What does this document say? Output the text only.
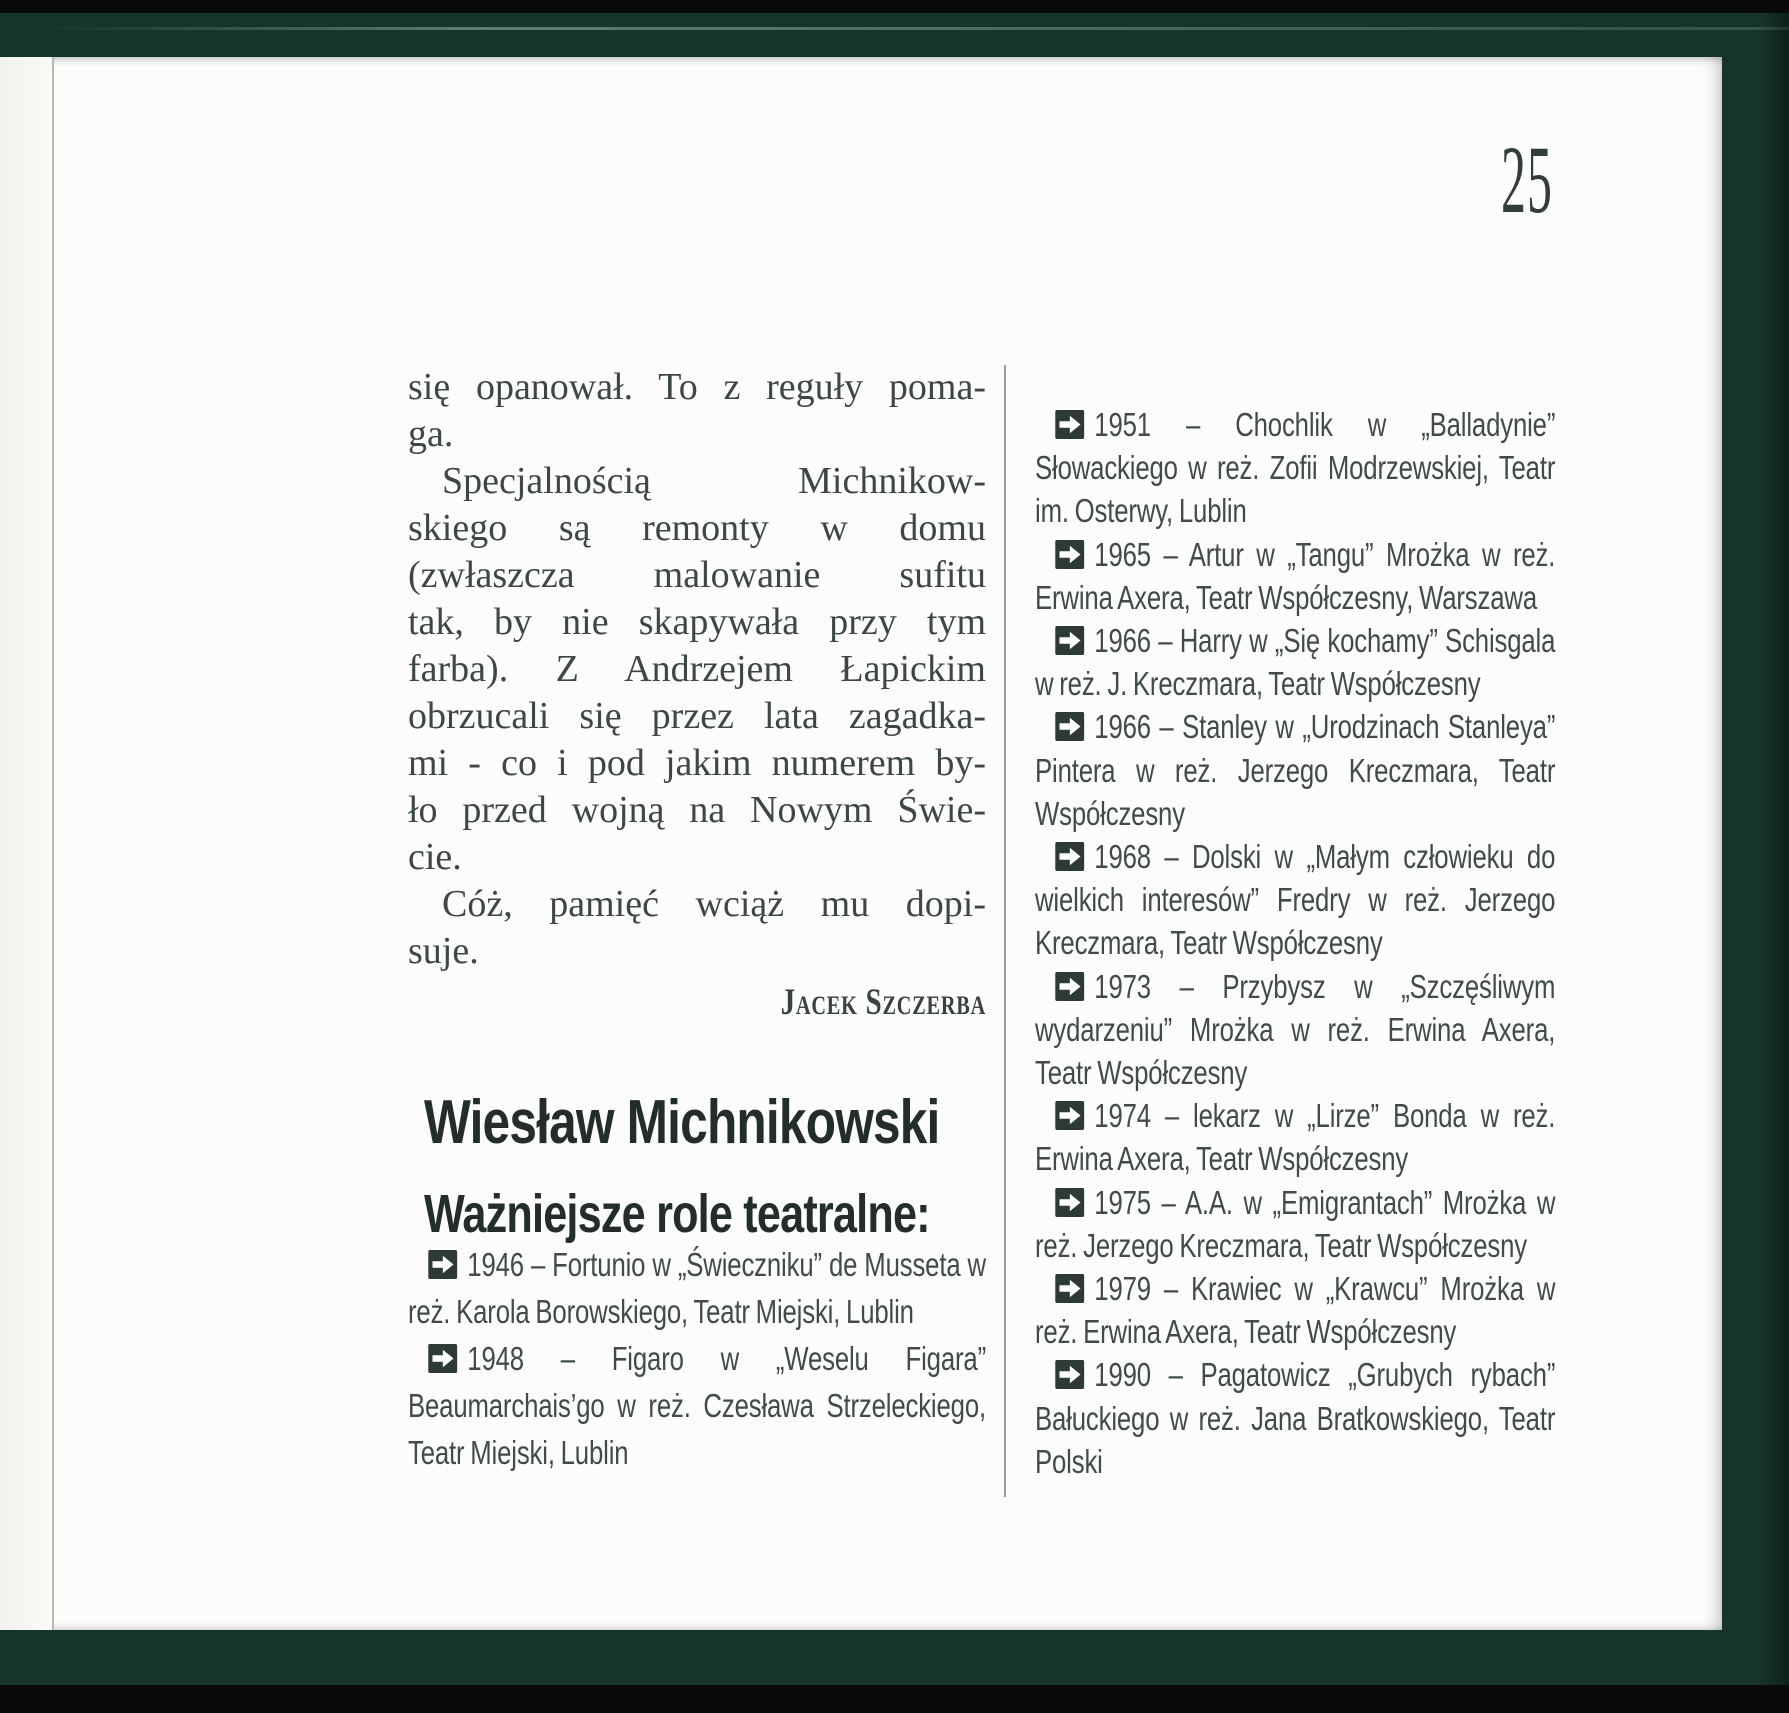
25
się opanował. To z reguły poma-
ga.
Specjalnością Michnikow-
skiego są remonty w domu
(zwłaszcza malowanie sufitu
tak, by nie skapywała przy tym
farba). Z Andrzejem Łapickim
obrzucali się przez lata zagadka-
mi - co i pod jakim numerem by-
ło przed wojną na Nowym Świe-
cie.
Cóż, pamięć wciąż mu dopi-
suje.
Jacek Szczerba
Wiesław Michnikowski
Ważniejsze role teatralne:

1946 – Fortunio w „Świeczniku” de Musseta w reż. Karola Borowskiego, Teatr Miejski, Lublin

1948 – Figaro w „Weselu Figara” Beaumarchais’go w reż. Czesława Strzeleckiego, Teatr Miejski, Lublin

1951 – Chochlik w „Balladynie” Słowackiego w reż. Zofii Modrzewskiej, Teatr im. Osterwy, Lublin

1965 – Artur w „Tangu” Mrożka w reż. Erwina Axera, Teatr Współczesny, Warszawa

1966 – Harry w „Się kochamy” Schisgala w reż. J. Kreczmara, Teatr Współczesny

1966 – Stanley w „Urodzinach Stanleya” Pintera w reż. Jerzego Kreczmara, Teatr Współczesny

1968 – Dolski w „Małym człowieku do wielkich interesów” Fredry w reż. Jerzego Kreczmara, Teatr Współczesny

1973 – Przybysz w „Szczęśliwym wydarzeniu” Mrożka w reż. Erwina Axera, Teatr Współczesny

1974 – lekarz w „Lirze” Bonda w reż. Erwina Axera, Teatr Współczesny

1975 – A.A. w „Emigrantach” Mrożka w reż. Jerzego Kreczmara, Teatr Współczesny

1979 – Krawiec w „Krawcu” Mrożka w reż. Erwina Axera, Teatr Współczesny

1990 – Pagatowicz „Grubych rybach” Bałuckiego w reż. Jana Bratkowskiego, Teatr Polski
